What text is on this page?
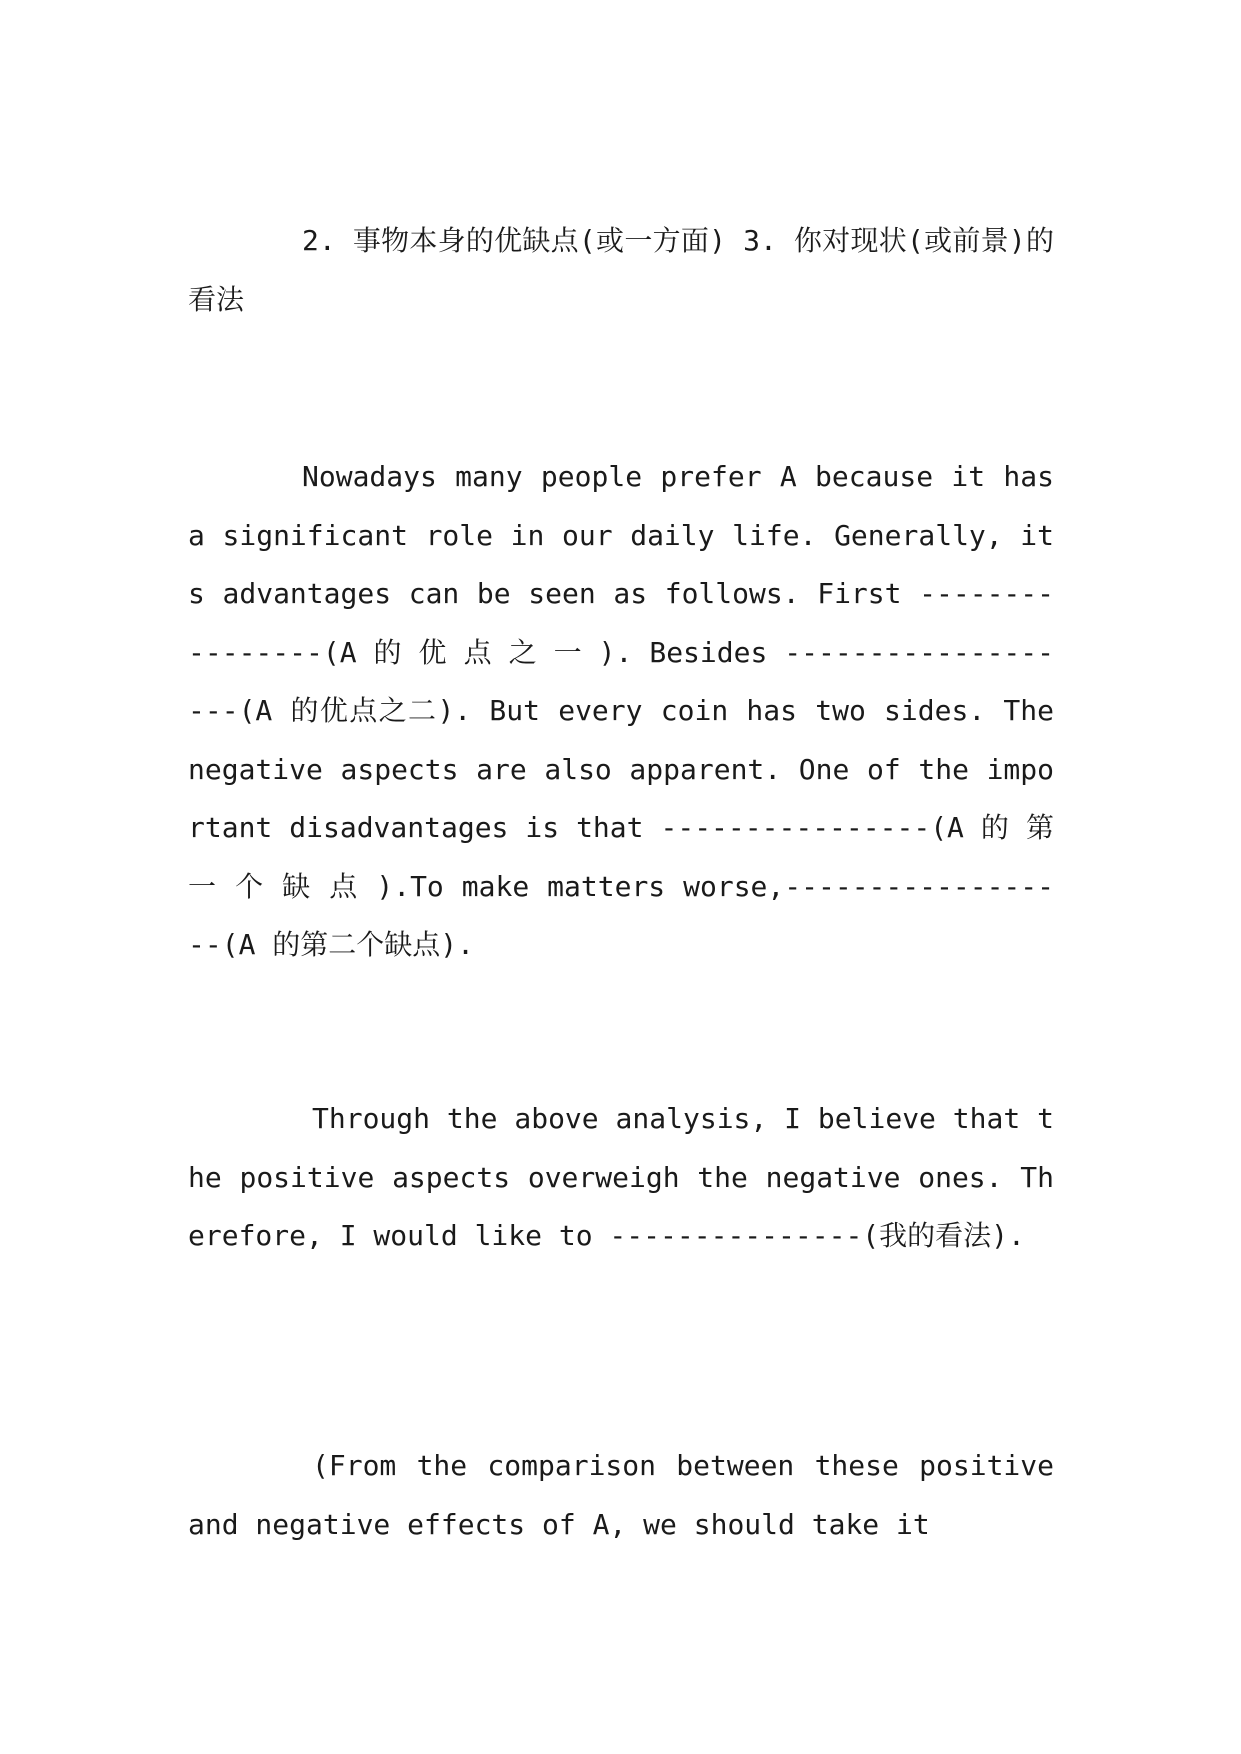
2. 事物本身的优缺点(或一方面) 3. 你对现状(或前景)的看法

Nowadays many people prefer A because it has a significant role in our daily life. Generally, its advantages can be seen as follows. First ----------------(A 的 优 点 之 一 ). Besides -------------------(A 的优点之二). But every coin has two sides. The negative aspects are also apparent. One of the important disadvantages is that ----------------(A 的 第 一 个 缺 点 ).To make matters worse,------------------(A 的第二个缺点).

Through the above analysis, I believe that the positive aspects overweigh the negative ones. Therefore, I would like to ---------------(我的看法).

(From the comparison between these positive and negative effects of A, we should take it
